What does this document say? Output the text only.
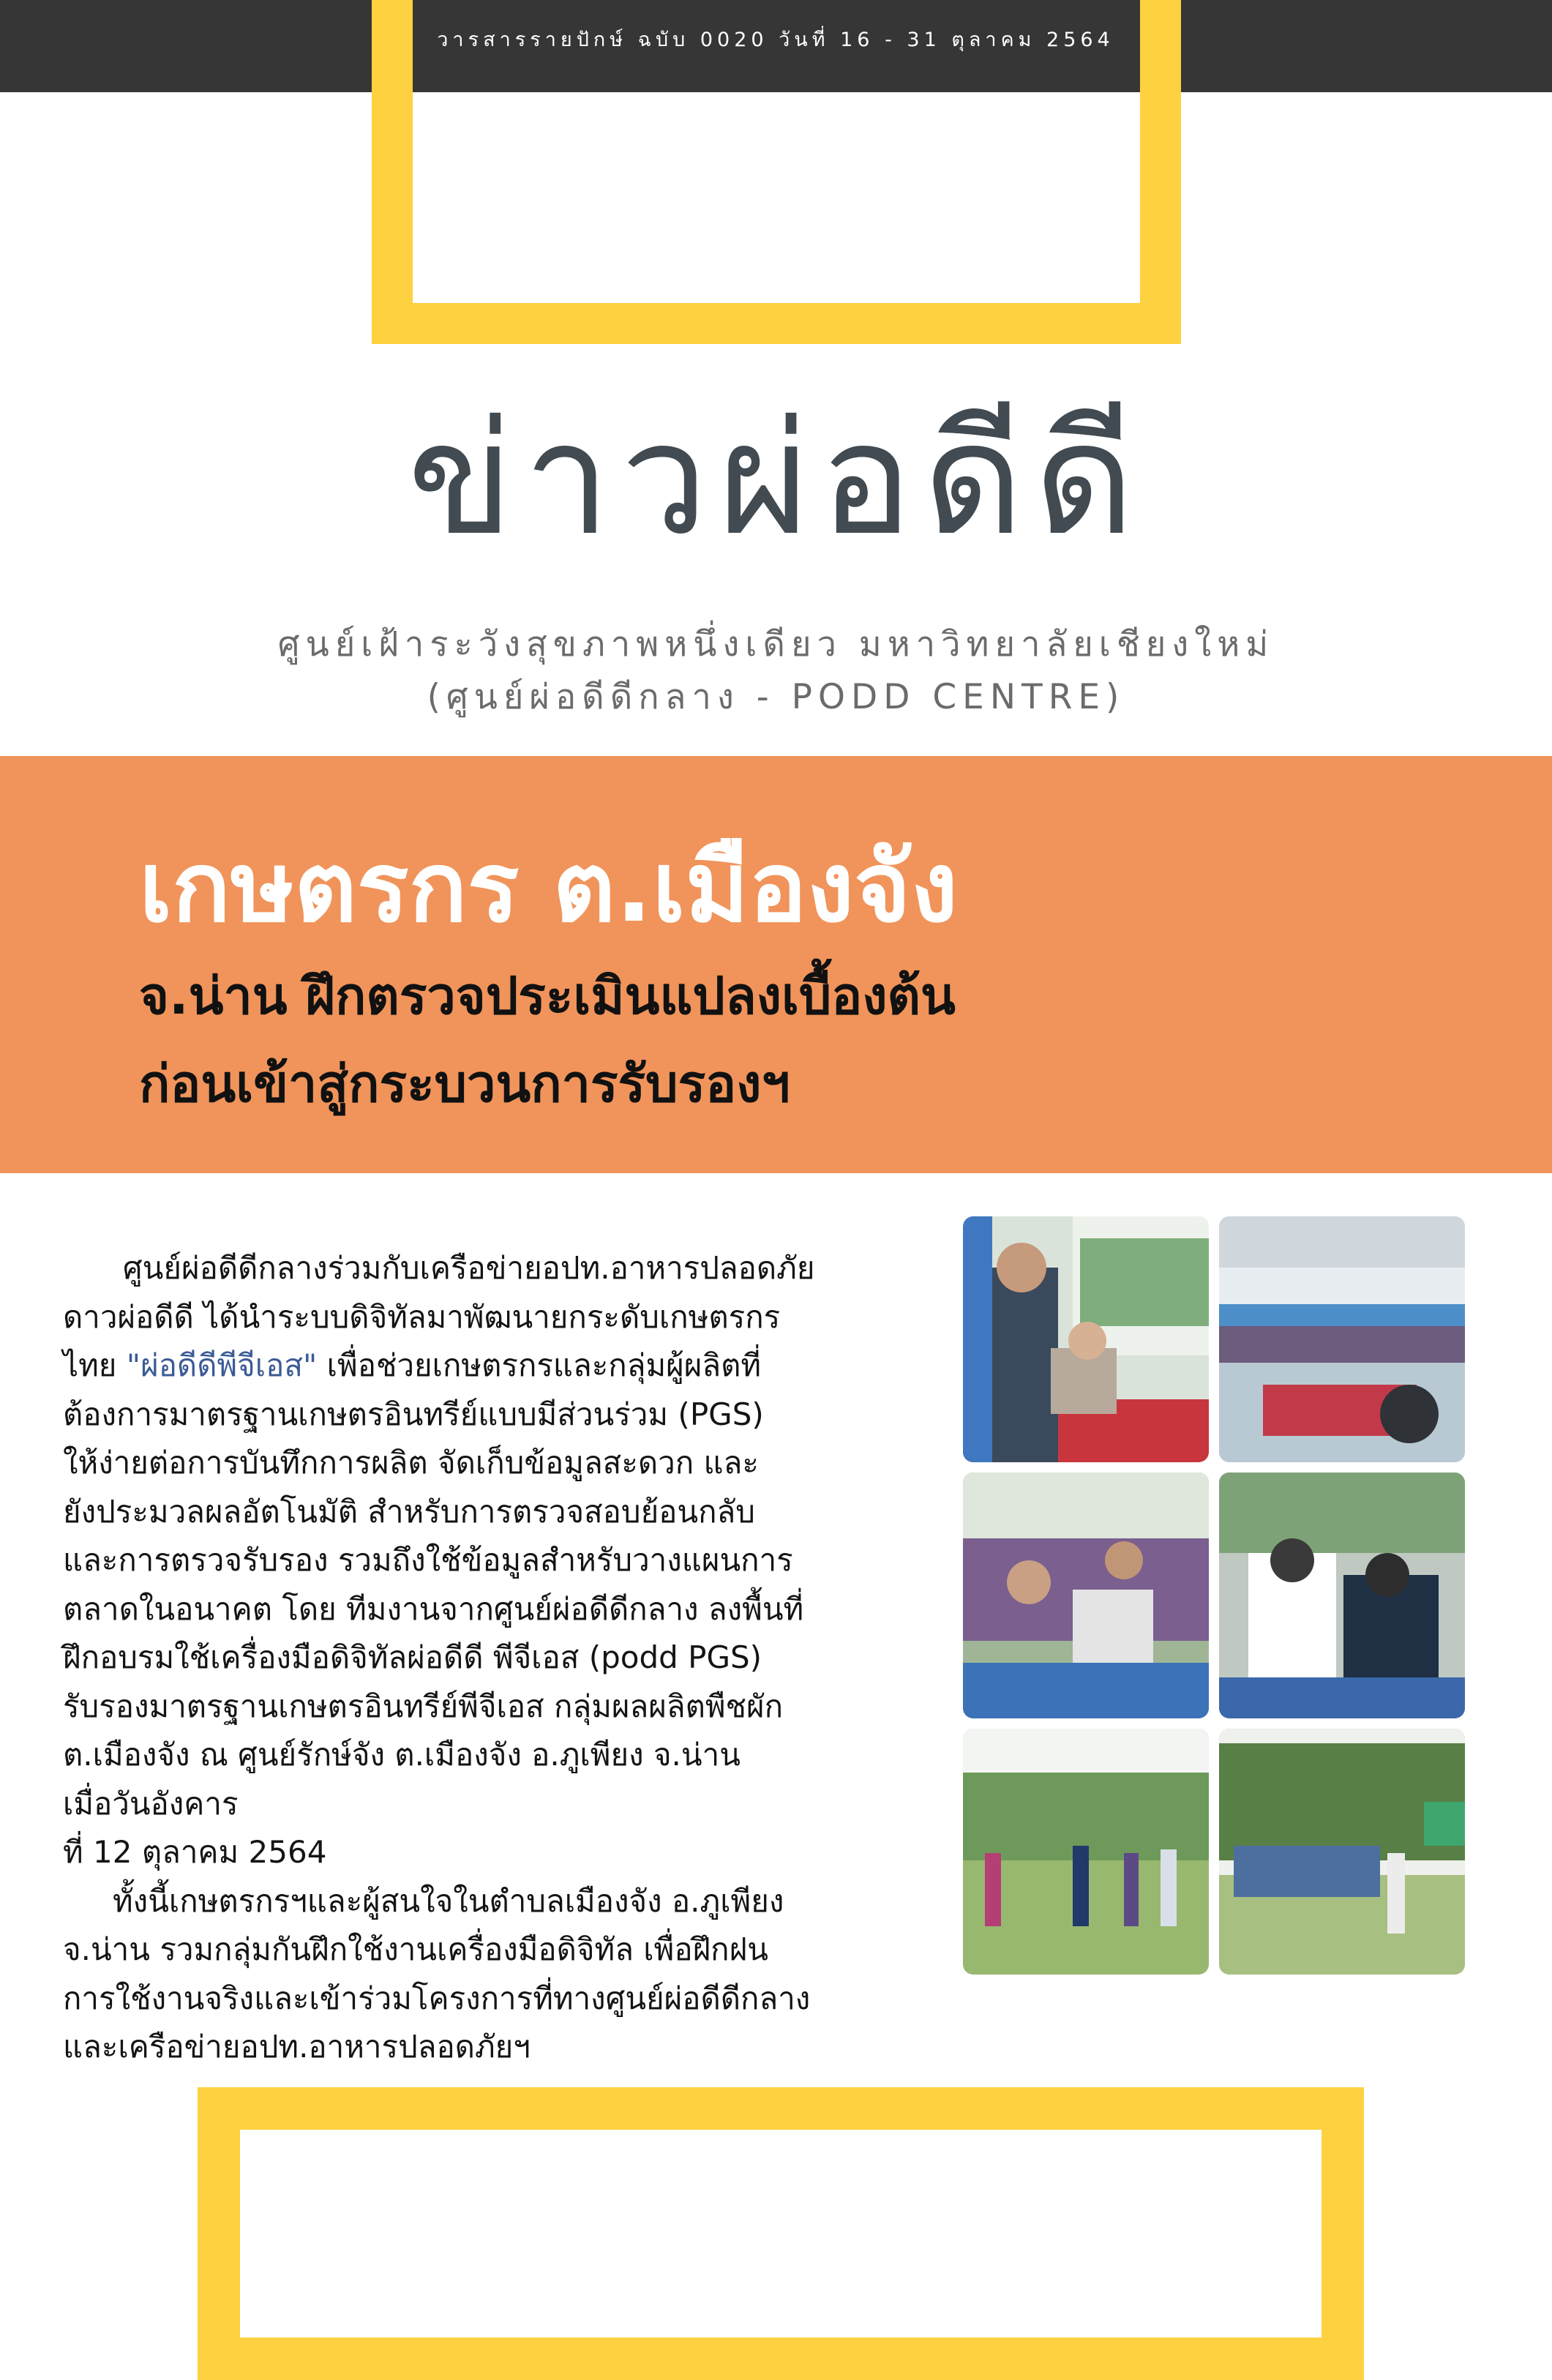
วารสารรายปักษ์ ฉบับ 0020 วันที่ 16 - 31 ตุลาคม 2564
ข่าวผ่อดีดี
ศูนย์เฝ้าระวังสุขภาพหนึ่งเดียว มหาวิทยาลัยเชียงใหม่
(ศูนย์ผ่อดีดีกลาง - PODD CENTRE)
เกษตรกร ต.เมืองจัง
จ.น่าน ฝึกตรวจประเมินแปลงเบื้องต้น
ก่อนเข้าสู่กระบวนการรับรองฯ

ศูนย์ผ่อดีดีกลางร่วมกับเครือข่ายอปท.อาหารปลอดภัย

ดาวผ่อดีดี ได้นำระบบดิจิทัลมาพัฒนายกระดับเกษตรกร

ไทย "ผ่อดีดีพีจีเอส" เพื่อช่วยเกษตรกรและกลุ่มผู้ผลิตที่

ต้องการมาตรฐานเกษตรอินทรีย์แบบมีส่วนร่วม (PGS)

ให้ง่ายต่อการบันทึกการผลิต จัดเก็บข้อมูลสะดวก และ

ยังประมวลผลอัตโนมัติ สำหรับการตรวจสอบย้อนกลับ

และการตรวจรับรอง รวมถึงใช้ข้อมูลสำหรับวางแผนการ

ตลาดในอนาคต โดย ทีมงานจากศูนย์ผ่อดีดีกลาง ลงพื้นที่

ฝึกอบรมใช้เครื่องมือดิจิทัลผ่อดีดี พีจีเอส (podd PGS)

รับรองมาตรฐานเกษตรอินทรีย์พีจีเอส กลุ่มผลผลิตพืชผัก

ต.เมืองจัง ณ ศูนย์รักษ์จัง ต.เมืองจัง อ.ภูเพียง จ.น่าน

เมื่อวันอังคาร

ที่ 12 ตุลาคม 2564

ทั้งนี้เกษตรกรฯและผู้สนใจในตำบลเมืองจัง อ.ภูเพียง

จ.น่าน รวมกลุ่มกันฝึกใช้งานเครื่องมือดิจิทัล เพื่อฝึกฝน

การใช้งานจริงและเข้าร่วมโครงการที่ทางศูนย์ผ่อดีดีกลาง

และเครือข่ายอปท.อาหารปลอดภัยฯ
